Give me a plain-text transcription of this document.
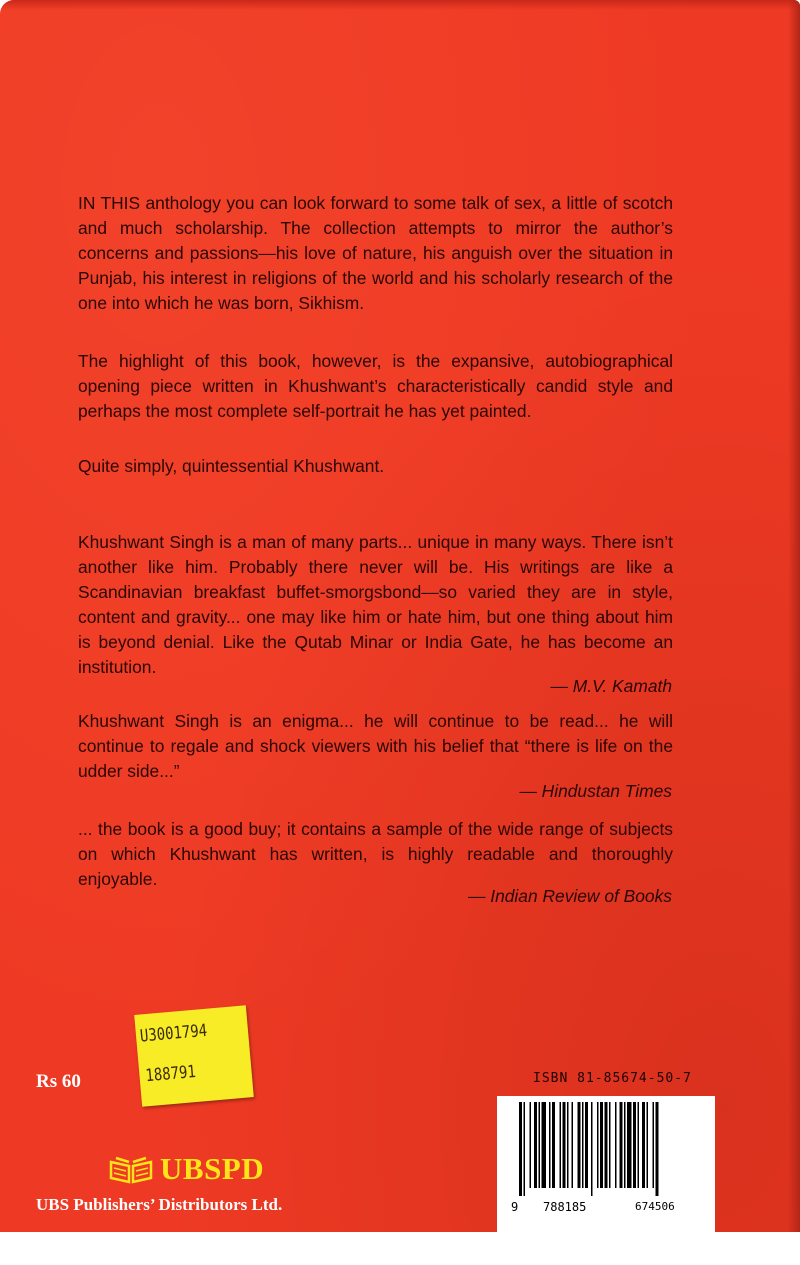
IN THIS anthology you can look forward to some talk of sex, a little of scotch and much scholarship. The collection attempts to mirror the author’s concerns and passions—his love of nature, his anguish over the situation in Punjab, his interest in religions of the world and his scholarly research of the one into which he was born, Sikhism.

The highlight of this book, however, is the expansive, autobiographical opening piece written in Khushwant’s characteristically candid style and perhaps the most complete self-portrait he has yet painted.

Quite simply, quintessential Khushwant.

Khushwant Singh is a man of many parts... unique in many ways. There isn’t another like him. Probably there never will be. His writings are like a Scandinavian breakfast buffet-smorgsbond—so varied they are in style, content and gravity... one may like him or hate him, but one thing about him is beyond denial. Like the Qutab Minar or India Gate, he has become an institution.

— M.V. Kamath

Khushwant Singh is an enigma... he will continue to be read... he will continue to regale and shock viewers with his belief that “there is life on the udder side...”

— Hindustan Times

... the book is a good buy; it contains a sample of the wide range of subjects on which Khushwant has written, is highly readable and thoroughly enjoyable.

— Indian Review of Books

Rs 60
U3001794
188791
UBSPD
UBS Publishers’ Distributors Ltd.
ISBN 81-85674-50-7
9 788185	674506
